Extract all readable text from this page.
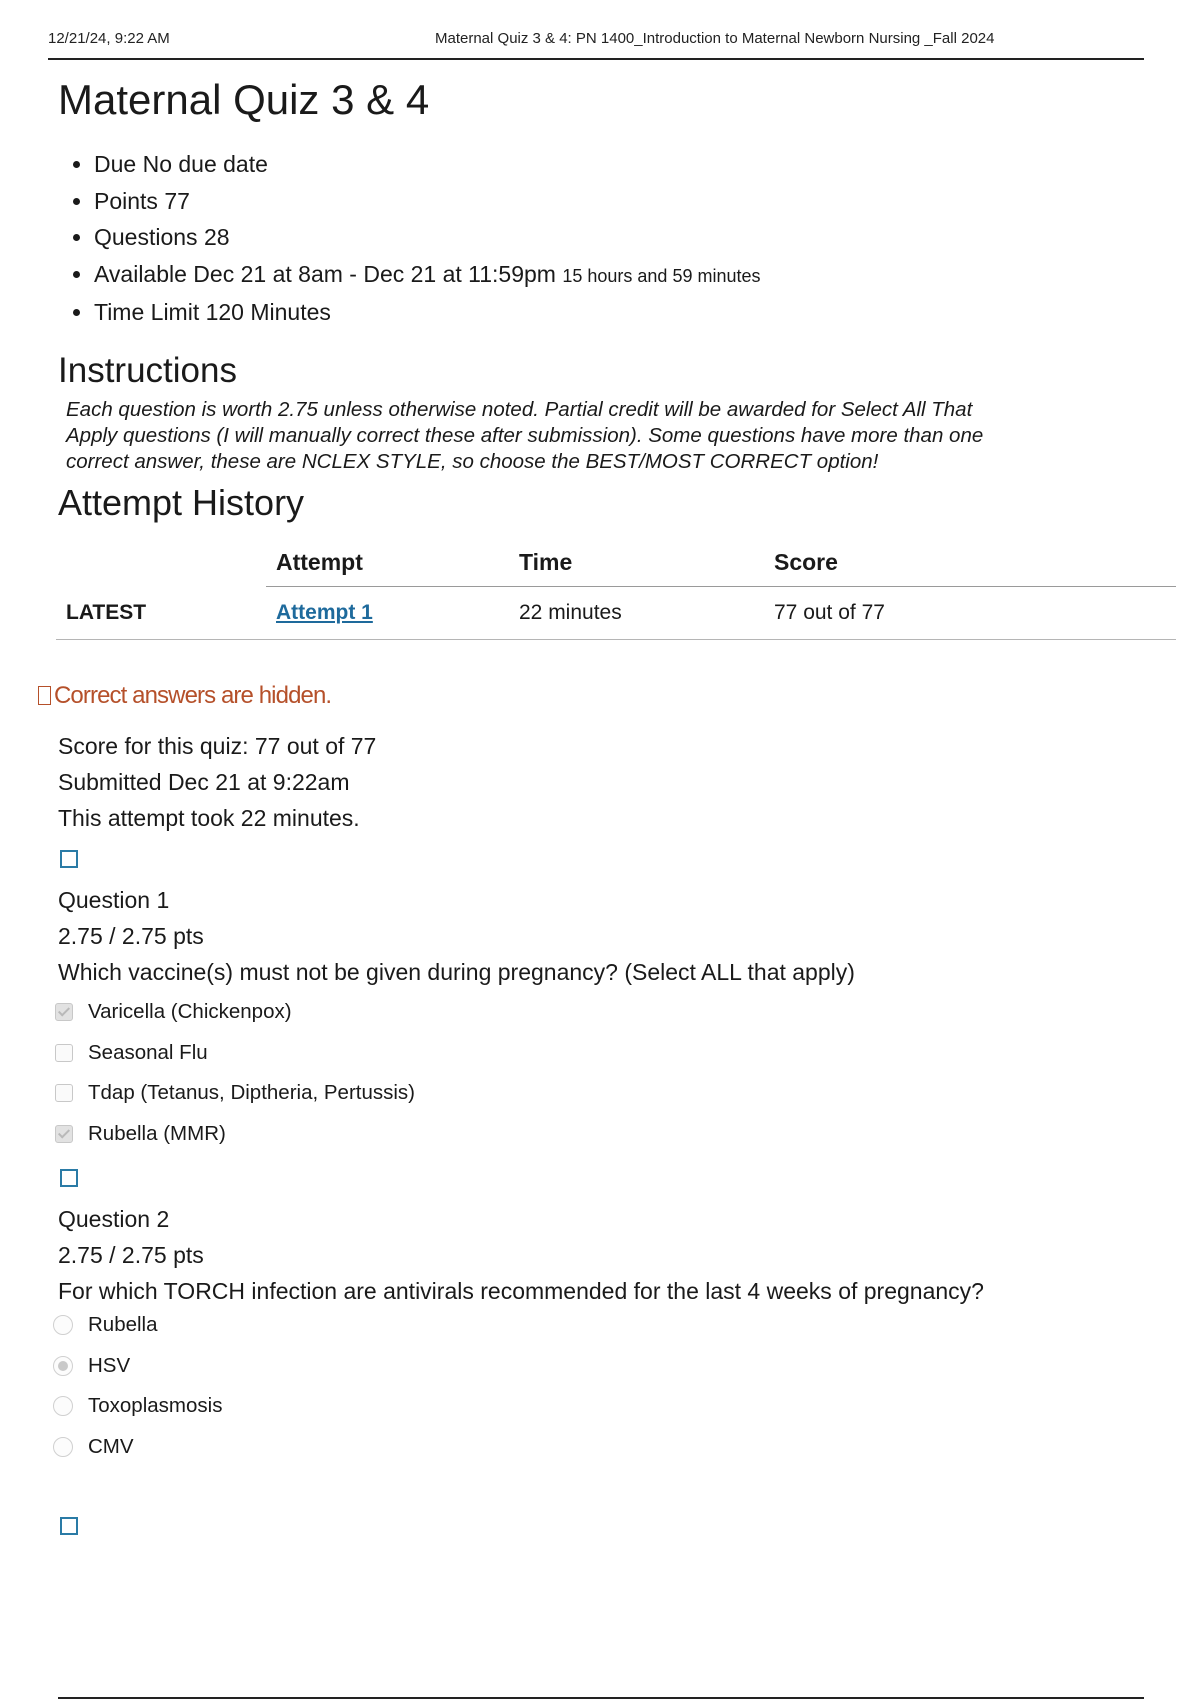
12/21/24, 9:22 AM	Maternal Quiz 3 & 4: PN 1400_Introduction to Maternal Newborn Nursing _Fall 2024
Maternal Quiz 3 & 4
• Due No due date
• Points 77
• Questions 28
• Available Dec 21 at 8am - Dec 21 at 11:59pm 15 hours and 59 minutes
• Time Limit 120 Minutes
Instructions
Each question is worth 2.75 unless otherwise noted. Partial credit will be awarded for Select All That Apply questions (I will manually correct these after submission). Some questions have more than one correct answer, these are NCLEX STYLE, so choose the BEST/MOST CORRECT option!
Attempt History
	Attempt	Time	Score
LATEST	Attempt 1	22 minutes	77 out of 77
Correct answers are hidden.
Score for this quiz: 77 out of 77
Submitted Dec 21 at 9:22am
This attempt took 22 minutes.
Question 1
2.75 / 2.75 pts
Which vaccine(s) must not be given during pregnancy? (Select ALL that apply)
Varicella (Chickenpox)
Seasonal Flu
Tdap (Tetanus, Diptheria, Pertussis)
Rubella (MMR)
Question 2
2.75 / 2.75 pts
For which TORCH infection are antivirals recommended for the last 4 weeks of pregnancy?
Rubella
HSV
Toxoplasmosis
CMV
